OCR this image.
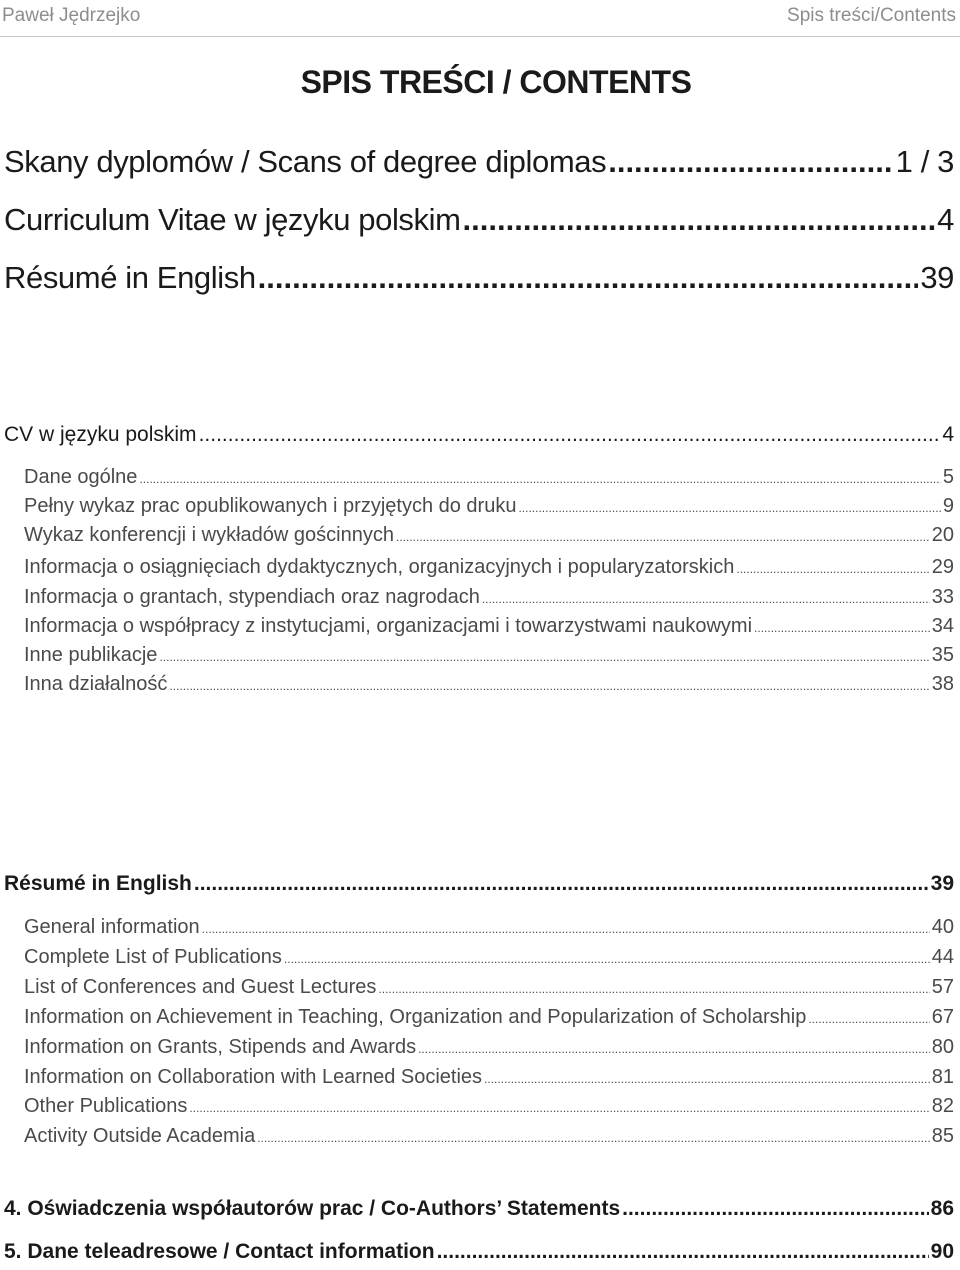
Paweł Jędrzejko	Spis treści/Contents
SPIS TREŚCI / CONTENTS
Skany dyplomów / Scans of degree diplomas .....	1 / 3
Curriculum Vitae w języku polskim .....	4
Résumé in English .....	39
CV w języku polskim .....	4
Dane ogólne .....	5
Pełny wykaz prac opublikowanych i przyjętych do druku .....	9
Wykaz konferencji i wykładów gościnnych .....	20
Informacja o osiągnięciach dydaktycznych, organizacyjnych i popularyzatorskich .....	29
Informacja o grantach, stypendiach oraz nagrodach .....	33
Informacja o współpracy z instytucjami, organizacjami i towarzystwami naukowymi .....	34
Inne publikacje .....	35
Inna działalność .....	38
Résumé in English .....	39
General information .....	40
Complete List of Publications .....	44
List of Conferences and Guest Lectures .....	57
Information on Achievement in Teaching, Organization and Popularization of Scholarship .....	67
Information on Grants, Stipends and Awards .....	80
Information on Collaboration with Learned Societies .....	81
Other Publications .....	82
Activity Outside Academia .....	85
4. Oświadczenia współautorów prac / Co-Authors’ Statements .....	86
5. Dane teleadresowe / Contact information .....	90
